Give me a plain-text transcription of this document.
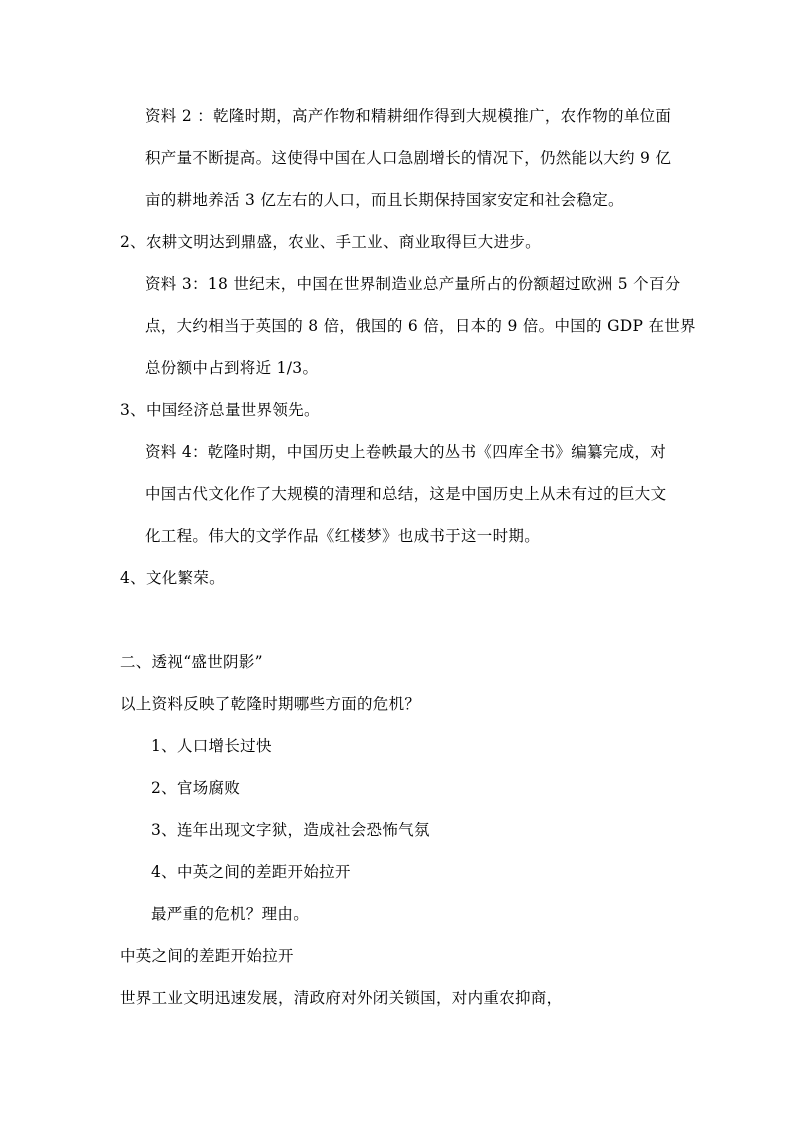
资料 2 ：乾隆时期，高产作物和精耕细作得到大规模推广，农作物的单位面
积产量不断提高。这使得中国在人口急剧增长的情况下，仍然能以大约 9 亿
亩的耕地养活 3 亿左右的人口，而且长期保持国家安定和社会稳定。
2、农耕文明达到鼎盛，农业、手工业、商业取得巨大进步。
资料 3：18 世纪末，中国在世界制造业总产量所占的份额超过欧洲 5 个百分
点，大约相当于英国的 8 倍，俄国的 6 倍，日本的 9 倍。中国的 GDP 在世界
总份额中占到将近 1/3。
3、中国经济总量世界领先。
资料 4：乾隆时期，中国历史上卷帙最大的丛书《四库全书》编纂完成，对
中国古代文化作了大规模的清理和总结，这是中国历史上从未有过的巨大文
化工程。伟大的文学作品《红楼梦》也成书于这一时期。
4、文化繁荣。
二、透视“盛世阴影”
以上资料反映了乾隆时期哪些方面的危机？
1、人口增长过快
2、官场腐败
3、连年出现文字狱，造成社会恐怖气氛
4、中英之间的差距开始拉开
最严重的危机？理由。
中英之间的差距开始拉开
世界工业文明迅速发展，清政府对外闭关锁国，对内重农抑商，
